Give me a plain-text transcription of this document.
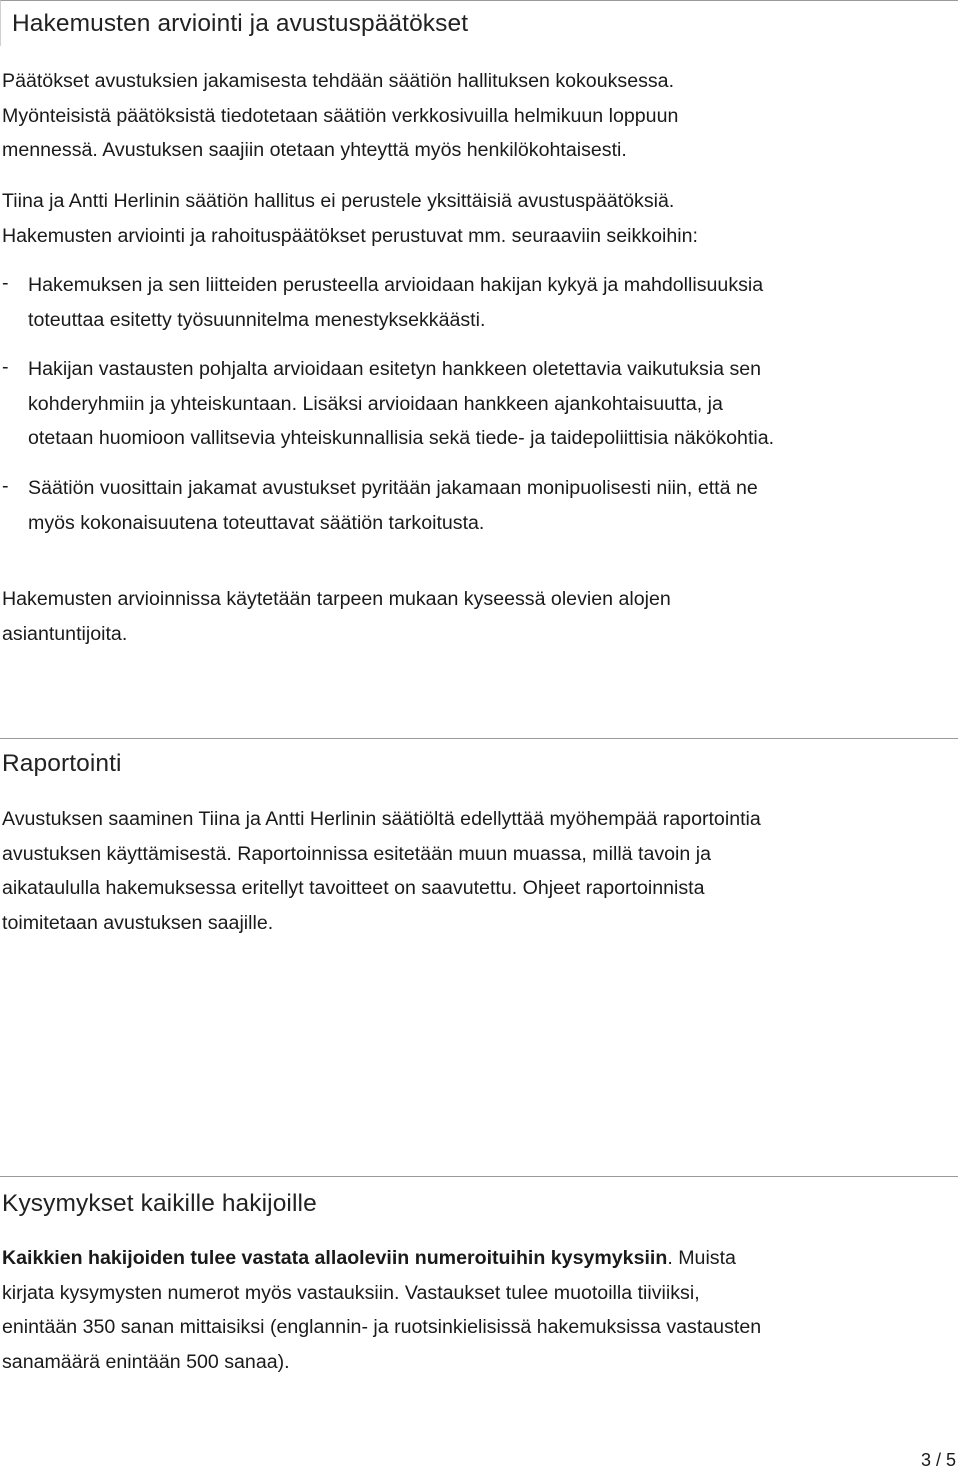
Hakemusten arviointi ja avustuspäätökset

Päätökset avustuksien jakamisesta tehdään säätiön hallituksen kokouksessa.
Myönteisistä päätöksistä tiedotetaan säätiön verkkosivuilla helmikuun loppuun
mennessä. Avustuksen saajiin otetaan yhteyttä myös henkilökohtaisesti.

Tiina ja Antti Herlinin säätiön hallitus ei perustele yksittäisiä avustuspäätöksiä.
Hakemusten arviointi ja rahoituspäätökset perustuvat mm. seuraaviin seikkoihin:

- Hakemuksen ja sen liitteiden perusteella arvioidaan hakijan kykyä ja mahdollisuuksia
toteuttaa esitetty työsuunnitelma menestyksekkäästi.
- Hakijan vastausten pohjalta arvioidaan esitetyn hankkeen oletettavia vaikutuksia sen
kohderyhmiin ja yhteiskuntaan. Lisäksi arvioidaan hankkeen ajankohtaisuutta, ja
otetaan huomioon vallitsevia yhteiskunnallisia sekä tiede- ja taidepoliittisia näkökohtia.
- Säätiön vuosittain jakamat avustukset pyritään jakamaan monipuolisesti niin, että ne
myös kokonaisuutena toteuttavat säätiön tarkoitusta.

Hakemusten arvioinnissa käytetään tarpeen mukaan kyseessä olevien alojen
asiantuntijoita.

Raportointi

Avustuksen saaminen Tiina ja Antti Herlinin säätiöltä edellyttää myöhempää raportointia
avustuksen käyttämisestä. Raportoinnissa esitetään muun muassa, millä tavoin ja
aikataululla hakemuksessa eritellyt tavoitteet on saavutettu. Ohjeet raportoinnista
toimitetaan avustuksen saajille.

Kysymykset kaikille hakijoille

Kaikkien hakijoiden tulee vastata allaoleviin numeroituihin kysymyksiin. Muista
kirjata kysymysten numerot myös vastauksiin. Vastaukset tulee muotoilla tiiviiksi,
enintään 350 sanan mittaisiksi (englannin- ja ruotsinkielisissä hakemuksissa vastausten
sanamäärä enintään 500 sanaa).

3 / 5
